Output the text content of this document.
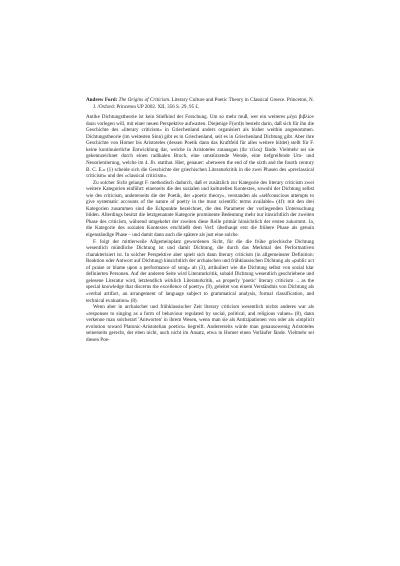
Andrew Ford: The Origins of Criticism. Literary Culture and Poetic Theory in Classical Greece. Princeton, N. J. /Oxford: Princeton UP 2002. XII, 356 S. 29, 95 £.

Antike Dichtungstheorie ist kein Stiefkind der Forschung. Um so mehr muß, wer ein weiteres μέγα βιβλίον dazu vorlegen will, mit einer neuen Perspektive aufwarten. Diejenige F(ord)s besteht darin, daß sich für ihn die Geschichte des «literary criticism» in Griechenland anders organisiert als bisher weithin angenommen. Dichtungstheorie (im weitesten Sinn) gibt es in Griechenland, seit es in Griechenland Dichtung gibt. Aber ihre Geschichte von Homer bis Aristoteles (dessen Poetik dann das Kraftfeld für alles weitere bildet) stellt für F. keine kontinuierliche Entwicklung dar, welche in Aristoteles zutausgan (ihr τέλος) fände. Vielmehr sei sie gekennzeichnet durch einen radikalen Bruch, eine umstürzende Wende, eine tiefgreifende Um- und Neuorientierung, welche im 4. Jh. statthat. Hier, genauer: «between the end of the sixth and the fourth century B. C. E.» (1) scheide sich die Geschichte der griechischen Literaturkritik in die zwei Phasen des «preclassical criticism» und des «classical criticism».

Zu solcher Sicht gelangt F. methodisch dadurch, daß er zusätzlich zur Kategorie des literary criticism zwei weitere Kategorien einführt: einerseits die des sozialen und kulturellen Kontextes, sowohl der Dichtung selbst wie des criticism, andererseits die der Poetik, der «poetic theory», verstanden als «selfconscious attempts to give systematic accounts of the nature of poetry in the most scientific terms available» (4f): mit den drei Kategorien zusammen sind die Eckpunkte bezeichnet, die den Parameter der vorliegenden Untersuchung bilden. Allerdings besitzt die letztgenannte Kategorie prominente Bedeutung mehr nur hinsichtlich der zweiten Phase des criticism, während umgekehrt der zweiten diese Rolle primär hinsichtlich der ersten zukommt. Ja, die Kategorie des sozialen Kontextes erschließt dem Verf. überhaupt erst die frühere Phase als genuin eigenständige Phase – und damit dann auch die spätere als just eine solche.

F. folgt der mittlerweile Allgemeinplatz gewordenen Sicht, für die die frühe griechische Dichtung wesentlich mündliche Dichtung ist und damit Dichtung, die durch das Merkmal des Performativen charakterisiert ist. In solcher Perspektive aber spielt sich dann literary criticism (in allgemeinster Definition: Reaktion oder Antwort auf Dichtung) hinsichtlich der archaischen und frühklassischen Dichtung als «public act of praise or blame upon a performance of song» ab (3), artikuliert wie die Dichtung selbst von sozial klar definierten Personen. Auf der anderen Seite wird Literaturkritik, sobald Dichtung wesentlich geschriebene und gelesene Literatur wird, letztendlich wirklich Literaturkritik, «a properly 'poetic' literary criticism ... as the special knowledge that discerns the excellence of poetry» (9), geleitet von einem Verständnis von Dichtung als «verbal artifact, an arrangement of language subject to grammatical analysis, formal classification, and technical evaluation» (8).

Wenn aber in archaischer und frühklassischer Zeit literary criticism wesentlich nichts anderes war als «responses to singing as a form of behaviour regulated by social, political, and religious values» (8), dann verkenne man solcherart 'Antworten' in ihrem Wesen, wenn man sie als Antizipationen von oder als «implicit evolution toward Platonic-Aristotelian poetics» begreift. Andererseits würde man genausowenig Aristoteles seinerseits gerecht, der eben nicht, auch nicht im Ansatz, etwa in Homer einen Vorläufer fände. Vielmehr sei diesen Poe-
